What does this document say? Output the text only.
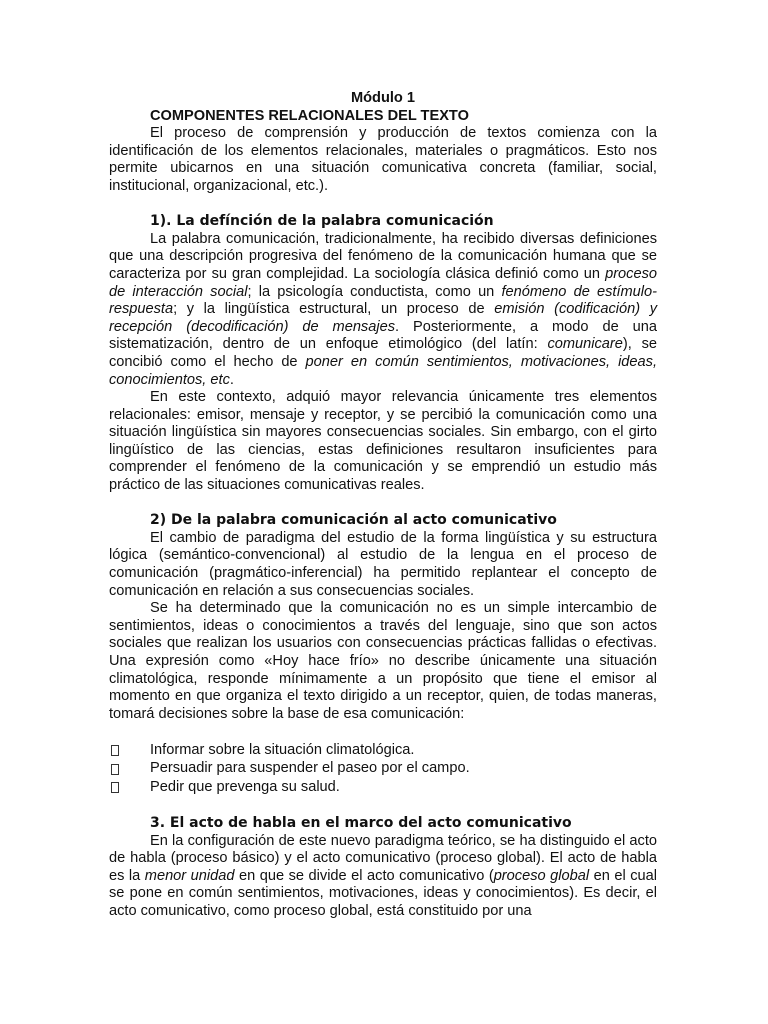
Módulo 1

COMPONENTES RELACIONALES DEL TEXTO

El proceso de comprensión y producción de textos comienza con la identificación de los elementos relacionales, materiales o pragmáticos. Esto nos permite ubicarnos en una situación comunicativa concreta (familiar, social, institucional, organizacional, etc.).

1). La defínción de la palabra comunicación

La palabra comunicación, tradicionalmente, ha recibido diversas definiciones que una descripción progresiva del fenómeno de la comunicación humana que se caracteriza por su gran complejidad. La sociología clásica definió como un proceso de interacción social; la psicología conductista, como un fenómeno de estímulo-respuesta; y la lingüística estructural, un proceso de emisión (codificación) y recepción (decodificación) de mensajes. Posteriormente, a modo de una sistematización, dentro de un enfoque etimológico (del latín: comunicare), se concibió como el hecho de poner en común sentimientos, motivaciones, ideas, conocimientos, etc.

En este contexto, adquió mayor relevancia únicamente tres elementos relacionales: emisor, mensaje y receptor, y se percibió la comunicación como una situación lingüística sin mayores consecuencias sociales. Sin embargo, con el girto lingüístico de las ciencias, estas definiciones resultaron insuficientes para comprender el fenómeno de la comunicación y se emprendió un estudio más práctico de las situaciones comunicativas reales.

2) De la palabra comunicación al acto comunicativo

El cambio de paradigma del estudio de la forma lingüística y su estructura lógica (semántico-convencional) al estudio de la lengua en el proceso de comunicación (pragmático-inferencial) ha permitido replantear el concepto de comunicación en relación a sus consecuencias sociales.

Se ha determinado que la comunicación no es un simple intercambio de sentimientos, ideas o conocimientos a través del lenguaje, sino que son actos sociales que realizan los usuarios con consecuencias prácticas fallidas o efectivas. Una expresión como «Hoy hace frío» no describe únicamente una situación climatológica, responde mínimamente a un propósito que tiene el emisor al momento en que organiza el texto dirigido a un receptor, quien, de todas maneras, tomará decisiones sobre la base de esa comunicación:

Informar sobre la situación climatológica.
Persuadir para suspender el paseo por el campo.
Pedir que prevenga su salud.

3. El acto de habla en el marco del acto comunicativo

En la configuración de este nuevo paradigma teórico, se ha distinguido el acto de habla (proceso básico) y el acto comunicativo (proceso global). El acto de habla es la menor unidad en que se divide el acto comunicativo (proceso global en el cual se pone en común sentimientos, motivaciones, ideas y conocimientos). Es decir, el acto comunicativo, como proceso global, está constituido por una
